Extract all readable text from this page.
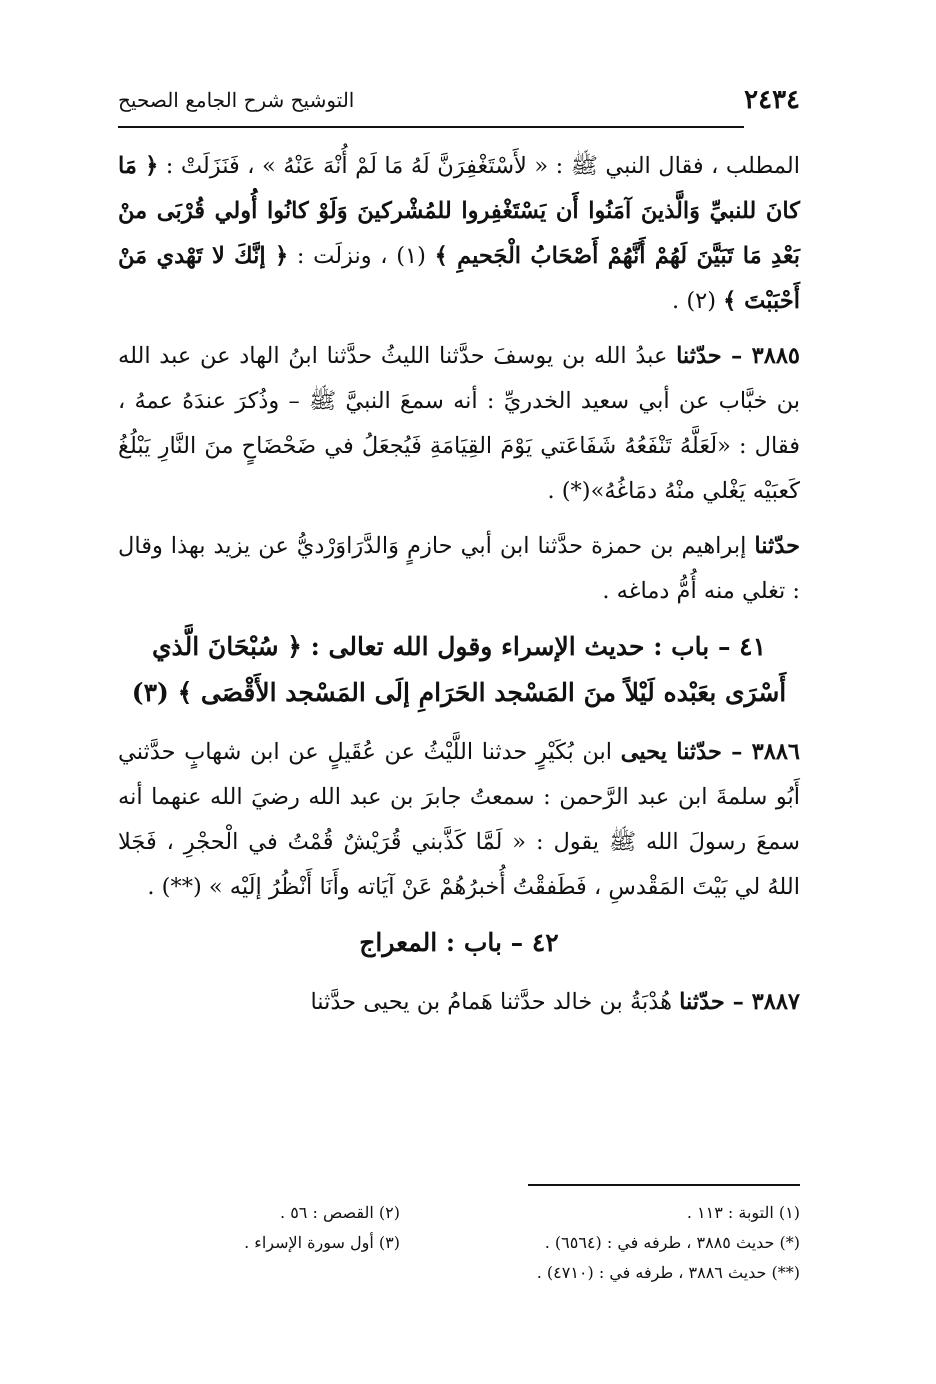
٢٤٣٤
التوشيح شرح الجامع الصحيح

المطلب ، فقال النبي ﷺ : « لأَسْتَغْفِرَنَّ لَهُ مَا لَمْ أُنْهَ عَنْهُ » ، فَنَزَلَتْ : ﴿ مَا كانَ للنبيِّ وَالَّذينَ آمَنُوا أَن يَسْتَغْفِروا للمُشْركينَ وَلَوْ كانُوا أُولي قُرْبَى منْ بَعْدِ مَا تَبَيَّنَ لَهُمْ أَنَّهُمْ أَصْحَابُ الْجَحيمِ ﴾ (١) ، ونزلَت : ﴿ إنَّكَ لا تَهْدي مَنْ أَحْبَبْتَ ﴾ (٢) .

٣٨٨٥ – حدّثنا عبدُ الله بن يوسفَ حدَّثنا الليثُ حدَّثنا ابنُ الهاد عن عبد الله بن خبَّاب عن أبي سعيد الخدريِّ : أنه سمعَ النبيَّ ﷺ – وذُكرَ عندَهُ عمهُ ، فقال : «لَعَلَّهُ تَنْفَعُهُ شَفَاعَتي يَوْمَ القِيَامَةِ فَيُجعَلُ في ضَحْضَاحٍ منَ النَّارِ يَبْلُغُ كَعبَيْه يَغْلي منْهُ دمَاغُهُ»(*) .

حدّثنا إبراهيم بن حمزة حدَّثنا ابن أبي حازمٍ وَالدَّرَاوَرْديُّ عن يزيد بهذا وقال : تغلي منه أُمُّ دماغه .

٤١ – باب : حديث الإسراء وقول الله تعالى : ﴿ سُبْحَانَ الَّذي أَسْرَى بعَبْده لَيْلاً منَ المَسْجد الحَرَامِ إلَى المَسْجد الأَقْصَى ﴾ (٣)

٣٨٨٦ – حدّثنا يحيى ابن بُكَيْرٍ حدثنا اللَّيْثُ عن عُقَيلٍ عن ابن شهابٍ حدَّثني أَبُو سلمةَ ابن عبد الرَّحمن : سمعتُ جابرَ بن عبد الله رضيَ الله عنهما أنه سمعَ رسولَ الله ﷺ يقول : « لَمَّا كَذَّبني قُرَيْشٌ قُمْتُ في الْحجْرِ ، فَجَلا اللهُ لي بَيْتَ المَقْدسِ ، فَطَفقْتُ أُخبرُهُمْ عَنْ آيَاته وأَنَا أَنْظُرُ إلَيْه » (**) .

٤٢ – باب : المعراج

٣٨٨٧ – حدّثنا هُدْبَةُ بن خالد حدَّثنا هَمامُ بن يحيى حدَّثنا

(١) التوبة : ١١٣ .
(٢) القصص : ٥٦ .
(*) حديث ٣٨٨٥ ، طرفه في : (٦٥٦٤) .
(٣) أول سورة الإسراء .
(**) حديث ٣٨٨٦ ، طرفه في : (٤٧١٠) .
